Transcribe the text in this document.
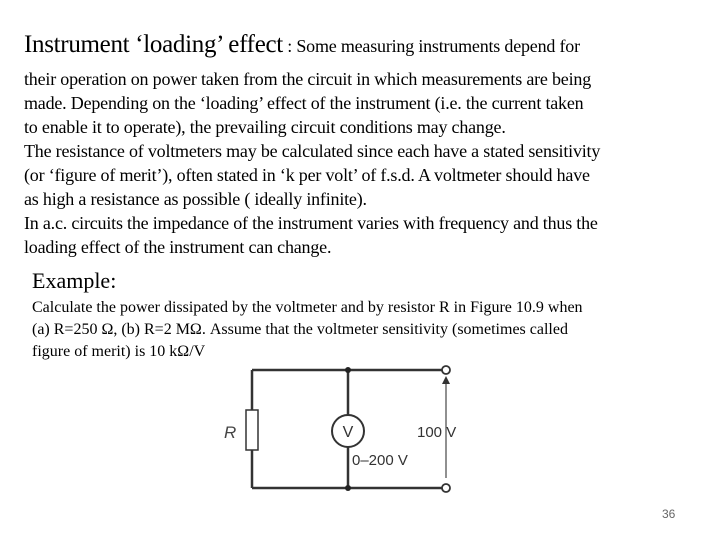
Instrument ‘loading’ effect : Some measuring instruments depend for
their operation on power taken from the circuit in which measurements are being
made. Depending on the ‘loading’ effect of the instrument (i.e. the current taken
to enable it to operate), the prevailing circuit conditions may change.
The resistance of voltmeters may be calculated since each have a stated sensitivity
(or ‘figure of merit’), often stated in ‘k per volt’ of f.s.d. A voltmeter should have
as high a resistance as possible ( ideally infinite).
In a.c. circuits the impedance of the instrument varies with frequency and thus the
loading effect of the instrument can change.
Example:
Calculate the power dissipated by the voltmeter and by resistor R in Figure 10.9 when
(a) R=250 Ω, (b) R=2 MΩ. Assume that the voltmeter sensitivity (sometimes called
figure of merit) is 10 kΩ/V
R	V
0–200 V
100 V
36
